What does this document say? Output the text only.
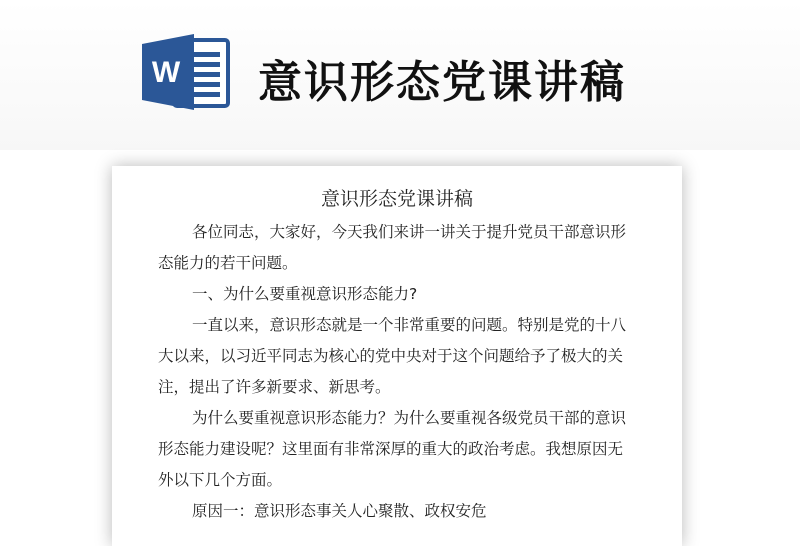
W 意识形态党课讲稿
意识形态党课讲稿
各位同志，大家好，今天我们来讲一讲关于提升党员干部意识形
态能力的若干问题。
一、为什么要重视意识形态能力?
一直以来，意识形态就是一个非常重要的问题。特别是党的十八
大以来，以习近平同志为核心的党中央对于这个问题给予了极大的关
注，提出了许多新要求、新思考。
为什么要重视意识形态能力？为什么要重视各级党员干部的意识
形态能力建设呢？这里面有非常深厚的重大的政治考虑。我想原因无
外以下几个方面。
原因一：意识形态事关人心聚散、政权安危
